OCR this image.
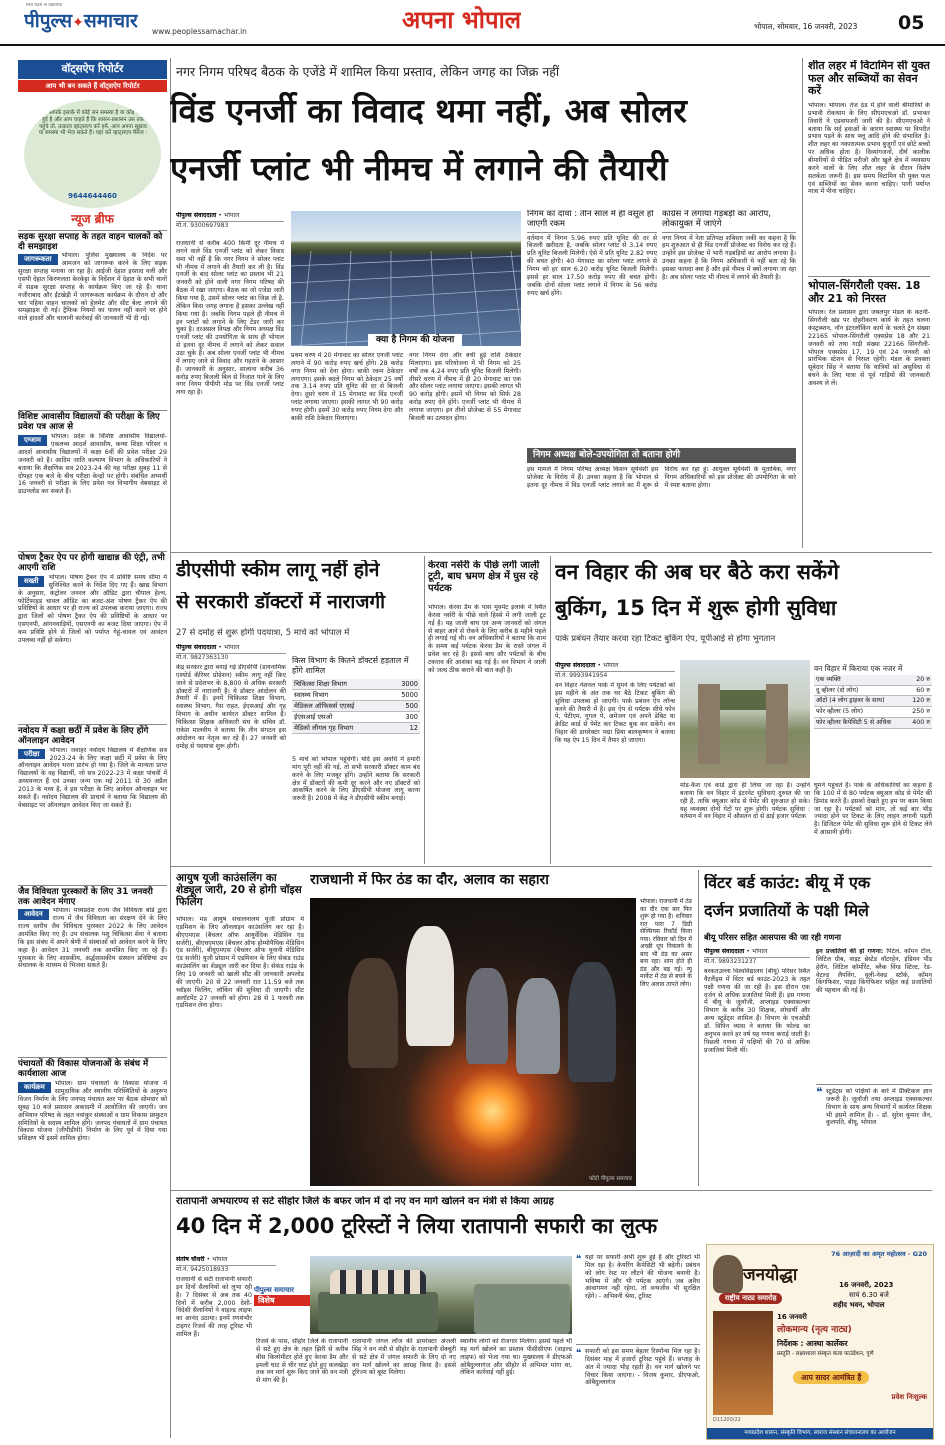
मध्य प्रदेश से प्रकाशित
पीपुल्स✦समाचार www.peoplessamachar.in	अपना भोपाल	भोपाल, सोमवार, 16 जनवरी, 2023 05
वॉट्सऐप रिपोर्टर
आप भी बन सकते हैं वॉट्सऐप रिपोर्टर
यदि आपके इलाके में कोई जन समस्या है या कोई घटना हुई है और आप चाहते हैं कि शासन-प्रशासन उस तक पहुंचे तो, तत्काल व्हाट्सएप करें हमें, आप अपना सुझाव या समस्या भी भेज सकते हैं। यहां करें व्हाट्सएप मैसेज :
9644644460
न्यूज ब्रीफ
सड़क सुरक्षा सप्ताह के तहत वाहन चालकों को दी समझाइश
जागरूकता	भोपाल। पुलिस मुख्यालय के निर्देश पर आमजन को जागरूक करने के लिए सड़क सुरक्षा सप्ताह मनाया जा रहा है। आईजी देहात इरशाद वली और एसपी देहात किरणलता केरकेट्टा के निर्देशन में देहात के सभी थानों में सड़क सुरक्षा सप्ताह के कार्यक्रम किए जा रहे हैं। थाना नजीराबाद और ईंटखेड़ी में जागरूकता कार्यक्रम के दौरान दो और चार पहिया वाहन चालकों को हेलमेट और सीट बेल्ट लगाने की समझाइश दी गई। ट्रैफिक नियमों का पालन नहीं करने पर होने वाले हादसों और चालानी कार्रवाई की जानकारी भी दी गई।
विशिष्ट आवासीय विद्यालयों की परीक्षा के लिए प्रवेश पत्र आज से
एग्जाम	भोपाल। प्रदेश के विशिष्ट आवासीय विद्यालयों-एकलव्य आदर्श आवासीय, कन्या शिक्षा परिसर व आदर्श आवासीय विद्यालयों में कक्षा 6वीं की प्रवेश परीक्षा 29 जनवरी को है। आदिम जाति कल्याण विभाग के अधिकारियों ने बताया कि शैक्षणिक सत्र 2023-24 की यह परीक्षा सुबह 11 से दोपहर एक बजे के बीच परीक्षा केन्द्रों पर होगी। संबंधित अभ्यर्थी 16 जनवरी से परीक्षा के लिए प्रवेश पत्र विभागीय वेबसाइट से डाउनलोड कर सकते हैं।
पोषण ट्रैकर ऐप पर होगी खाद्यान्न की एंट्री, तभी आएगी राशि
सख्ती	भोपाल। पोषण ट्रैकर ऐप में प्रविष्टि समय सीमा में सुनिश्चित करने के निर्देश दिए गए हैं। खाद्य विभाग के अनुसार, कंट्रोलर जनरल और ऑडिट द्वारा चौपाल हेल्थ, फोर्टिफाइड चावल ऑडिट का बजट-अंश पोषण ट्रैकर ऐप की प्रविष्टियों के आधार पर ही राज्य को उपलब्ध कराया जाएगा। राज्य द्वारा जिलों को पोषण ट्रैकर ऐप की प्रविष्टियों के आधार पर एसएनपी, आंगनवाड़ियों, एसएनपी का बजट दिया जाएगा। ऐप में कम प्रविष्टि होने से जिलों को पर्याप्त गेहूं-चावल एवं आवंटन उपलब्ध नहीं हो सकेगा।
नवोदय में कक्षा छठीं में प्रवेश के लिए होंगे ऑनलाइन आवेदन
परीक्षा	भोपाल। जवाहर नवोदय विद्यालय में शैक्षणिक सत्र 2023-24 के लिए कक्षा छठीं में प्रवेश के लिए ऑनलाइन आवेदन भरना प्रारंभ हो गया है। जिले के मान्यता प्राप्त विद्यालयों के वह विद्यार्थी, जो सत्र 2022-23 में कक्षा पांचवीं में अध्ययनरत हैं एवं उनका जन्म एक मई 2011 से 30 अप्रैल 2013 के मध्य है, वे इस परीक्षा के लिए आवेदन ऑनलाइन भर सकते हैं। नवोदय विद्यालय की प्राचार्य ने बताया कि विद्यालय की वेबसाइट पर ऑनलाइन आवेदन किए जा सकते हैं।
जैव विविधता पुरस्कारों के लिए 31 जनवरी तक आवेदन मंगाए
आवेदन	भोपाल। मध्यप्रदेश राज्य जैव विविधता बोर्ड द्वारा राज्य में जैव विविधता का संरक्षण देने के लिए राज्य स्तरीय जैव विविधता पुरस्कार 2022 के लिए आवेदन आमंत्रित किए गए हैं। उप संचालक पशु चिकित्सा सेवा ने बताया कि इस संबंध में अपने श्रेणी में संस्थाओं को आवेदन करने के लिए कहा है। आवेदन 31 जनवरी तक आमंत्रित किए जा रहे हैं। पुरस्कार के लिए शासकीय, अर्द्धशासकीय संस्थान प्रविष्टियां उप संचालक के माध्यम से भिजवा सकते हैं।
पंचायतों की विकास योजनाओं के संबंध में कार्यशाला आज
कार्यक्रम	भोपाल। ग्राम पंचायतों के विकास योजना में सामुदायिक और स्थानीय परिस्थितियों के अनुरूप विजन निर्माण के लिए जनपद पंचायत स्तर पर बैठक सोमवार को सुबह 10 बजे प्रशासन अकादमी में आयोजित की जाएगी। जन अभियान परिषद के तहत नवांकुर संस्थाओं व ग्राम विकास प्रस्फुटन समितियों के सदस्य शामिल होंगे। जनपद पंचायतों में ग्राम पंचायत विकास योजना (जीपीडीपी) निर्माण के लिए पूर्व में दिया गया प्रशिक्षण भी इसमें शामिल होगा।
नगर निगम परिषद बैठक के एजेंडे में शामिल किया प्रस्ताव, लेकिन जगह का जिक्र नहीं
विंड एनर्जी का विवाद थमा नहीं, अब सोलर
एनर्जी प्लांट भी नीमच में लगाने की तैयारी
पीपुल्स संवाददाता • भोपाल
मो.नं. 9300697983
राजधानी से करीब 400 किमी दूर नीमच में लगने वाले विंड एनर्जी प्लांट को लेकर विवाद थमा भी नहीं है कि नगर निगम ने सोलर प्लांट भी नीमच में लगाने की तैयारी कर ली है। विंड एनर्जी के बाद सोलर प्लांट का प्रस्ताव भी 21 जनवरी को होने वाली नगर निगम परिषद की बैठक में रखा जाएगा। बैठक का जो एजेंडा जारी किया गया है, उसमें सोलर प्लांट का जिक्र तो है, लेकिन किस जगह लगाना है इसका उल्लेख नहीं किया गया है। जबकि निगम पहले ही नीमच में इन प्लांटों को लगाने के लिए टेंडर जारी कर चुका है। दरअसल विपक्ष और निगम अध्यक्ष विंड एनर्जी प्लांट की उपयोगिता के साथ ही भोपाल से इतना दूर नीमच में लगाने को लेकर सवाल उठा चुके हैं। अब सोलर एनर्जी प्लांट भी नीमच में लगाए जाने से विवाद और गहराने के आसार हैं। जानकारी के अनुसार, सालाना करीब 36 करोड़ रुपए बिजली बिल से निजात पाने के लिए नगर निगम पीपीपी मोड पर विंड एनर्जी प्लांट लगा रहा है।
क्या है निगम की योजना
प्रथम चरण में 20 मेगावाट का सोलर एनर्जी प्लांट लगाने में 90 करोड़ रुपए खर्च होंगे। 28 करोड़ नगर निगम को देना होगा। बाकी रकम ठेकेदार लगाएगा। इसके बदले निगम को ठेकेदार 25 वर्षों तक 3.14 रुपए प्रति यूनिट की दर से बिजली देगा। दूसरे चरण में 15 मेगावाट का विंड एनर्जी प्लांट लगाया जाएगा। इसकी लागत भी 90 करोड़ रुपए होगी। इसमें 30 करोड़ रुपए निगम देगा और बाकी राशि ठेकेदार मिलाएगा।
नगर निगम देगा और बची हुई राशि ठेकेदार मिलाएगा। इस परियोजना में भी निगम को 25 वर्षों तक 4.24 रुपए प्रति यूनिट बिजली मिलेगी। तीसरे चरण में नीमच में ही 20 मेगावाट का एक और सोलर प्लांट लगाया जाएगा। इसकी लागत भी 90 करोड़ होगी। इसमें भी निगम को सिर्फ 28 करोड़ रुपए देने होंगे। एनर्जी प्लांट भी नीमच में लगाया जाएगा। इन तीनों प्रोजेक्ट से 55 मेगावाट बिजली का उत्पादन होगा।
निगम का दावा : तीन साल में ही वसूल हो जाएगी रकम
वर्तमान में निगम 5.96 रुपए प्रति यूनिट की दर से बिजली खरीदता है, जबकि सोलर प्लांट से 3.14 रुपए प्रति यूनिट बिजली मिलेगी। ऐसे में प्रति यूनिट 2.82 रुपए की बचत होगी। 40 मेगावाट का सोलर प्लांट लगाने से निगम को हर साल 6.20 करोड़ यूनिट बिजली मिलेगी। इससे हर साल 17.50 करोड़ रुपए की बचत होगी। जबकि दोनों सोलर प्लांट लगाने में निगम के 56 करोड़ रुपए खर्च होंगे।
कांग्रेस ने लगाया गड़बड़ी का आरोप, लोकायुक्त में जाएंगे
नगर निगम में नेता प्रतिपक्ष शबिस्ता जकी का कहना है कि हम शुरुआत से ही विंड एनर्जी प्रोजेक्ट का विरोध कर रहे हैं। उन्होंने इस प्रोजेक्ट में भारी गड़बड़ियों का आरोप लगाया है। उनका कहना है कि निगम अधिकारी ये नहीं बता रहे कि इसका फायदा क्या है और इसे नीमच में क्यों लगाया जा रहा है। अब सोलर प्लांट भी नीमच में लगाने की तैयारी है।
निगम अध्यक्ष बोले-उपयोगिता तो बताना होगी
इस मामले में निगम परिषद अध्यक्ष किशन सूर्यवंशी इस प्रोजेक्ट के विरोध में हैं। उनका कहना है कि भोपाल से इतना दूर नीमच में विंड एनर्जी प्लांट लगाने का मैं शुरू से विरोध कर रहा हूं। आयुक्त सूर्यवंशी के मुताबिक, नगर निगम अधिकारियों को इस प्रोजेक्ट की उपयोगिता के बारे में स्पष्ट बताना होगा।
शीत लहर में विटामिन सी युक्त फल और सब्जियों का सेवन करें
भोपाल। भोपाल। तेज ठंड में होने वाली बीमारियों के प्रभावी रोकथाम के लिए सीएमएचओ डॉ. प्रभाकर तिवारी ने एडवायजरी जारी की है। सीएमएचओ ने बताया कि सर्द हवाओं के कारण स्वास्थ्य पर विपरीत प्रभाव पड़ने के साथ फ्लू आदि होने की संभावित है। शीत लहर का नकारात्मक प्रभाव बुजुर्गों एवं छोटे बच्चों पर अधिक होता है। दिव्यांगजनों, दीर्घ कालीक बीमारियों से पीड़ित मरीजों और खुले क्षेत्र में व्यवसाय करने वालों के लिए शीत लहर के दौरान विशेष सतर्कता जरूरी है। इस समय विटामिन सी युक्त फल एवं सब्जियों का सेवन करना चाहिए। पानी पर्याप्त मात्रा में पीना चाहिए।
भोपाल-सिंगरौली एक्स. 18 और 21 को निरस्त
भोपाल। रेल प्रशासन द्वारा जबलपुर मंडल के कटनी-सिंगरौली खंड पर दोहरीकरण कार्य के तहत चलना कंस्ट्रक्शन, नॉन इंटरलॉकिंग कार्य के चलते ट्रेन संख्या 22165 भोपाल-सिंगरौली एक्सप्रेस 18 और 21 जनवरी को तथा गाड़ी संख्या 22166 सिंगरौली-भोपाल एक्सप्रेस 17, 19 एवं 24 जनवरी को प्रारंभिक स्टेशन से निरस्त रहेगी। मंडल के प्रवक्ता सूबेदार सिंह ने बताया कि यात्रियों को असुविधा से बचने के लिए यात्रा से पूर्व गाड़ियों की जानकारी अवश्य ले लें।
डीएसीपी स्कीम लागू नहीं होने
से सरकारी डॉक्टरों में नाराजगी
27 से दमोह से शुरू होगी पदयात्रा, 5 मार्च को भोपाल में
पीपुल्स संवाददाता • भोपाल
मो.नं. 9827363130
केंद्र सरकार द्वारा बनाई गई डीएसीपी (डायनामिक एश्योर्ड कॅरियर प्रोग्रेशन) स्कीम लागू नहीं किए जाने से प्रदेशभर के 8,800 से अधिक सरकारी डॉक्टरों में नाराजगी है। ये डॉक्टर आंदोलन की तैयारी में हैं। इनमें चिकित्सा शिक्षा विभाग, स्वास्थ्य विभाग, गैस राहत, ईएसआई और गृह विभाग के अधीन कार्यरत डॉक्टर शामिल हैं। चिकित्सा शिक्षक अधिकारी संघ के सचिव डॉ. राकेश मालवीय ने बताया कि तीन संगठन इस आंदोलन का नेतृत्व कर रहे हैं। 27 जनवरी को दमोह से पदयात्रा शुरू होगी।
किस विभाग के कितने डॉक्टर्स हड़ताल में होंगे शामिल
चिकित्सा शिक्षा विभाग	3000
स्वास्थ्य विभाग	5000
मेडिकल ऑफिसर्स एएसई	500
ईएसआई एसओ	300
मेडिको लीगल गृह विभाग	12
5 मार्च को भोपाल पहुंचेगी। यदि इस अवधि में हमारी मांग पूरी नहीं की गई, तो सभी सरकारी डॉक्टर काम बंद करने के लिए मजबूर होंगे। उन्होंने बताया कि सरकारी क्षेत्र में डॉक्टरों की कमी दूर करने और नए डॉक्टरों को आकर्षित करने के लिए डीएसीपी योजना लागू करना जरूरी है। 2008 में केंद्र ने डीएसीपी स्कीम बनाई।
केरवा नर्सरी के पीछे लगी जाली टूटी, बाघ भ्रमण क्षेत्र में घुस रहे पर्यटक
भोपाल। केरवा डैम के पास मूवमेंट इलाके में स्थित केरवा नर्सरी के पीछे वाले हिस्से में लगी जाली टूट गई है। यह जाली बाघ एवं अन्य जानवरों को जंगल से बाहर आने से रोकने के लिए करीब 8 महीने पहले ही लगाई गई थी। वन अधिकारियों ने बताया कि शाम के समय कई पर्यटक केरवा डैम के रास्ते जंगल में प्रवेश कर रहे हैं। इससे बाघ और पर्यटकों के बीच टकराव की आशंका बढ़ गई है। वन विभाग ने जाली को जल्द ठीक कराने की बात कही है।
वन विहार की अब घर बैठे करा सकेंगे
बुकिंग, 15 दिन में शुरू होगी सुविधा
पार्क प्रबंधन तैयार करवा रहा टिकट बुकिंग ऐप, यूपीआई से होगा भुगतान
पीपुल्स संवाददाता • भोपाल
मो.नं. 9993941954
वन विहार में किराया एक नजर में
एक व्यक्ति	20 रु
दू व्हीलर (दो लोग)	60 रु
ऑटो (4 लोग ड्राइवर के साथ)	120 रु
फोर व्हीलर (5 लोग)	250 रु
फोर व्हीलर कैपेसिटी 5 से अधिक	400 रु
वन विहार नेशनल पार्क में घूमने के लिए पर्यटकों को इस महीने के अंत तक घर बैठे टिकट बुकिंग की सुविधा उपलब्ध हो जाएगी। पार्क प्रबंधन ऐप लॉन्च करने की तैयारी में है। इस ऐप से पर्यटक सीधे फोन पे, पेटीएम, गूगल पे, अमेजन एवं अपने डेबिट या क्रेडिट कार्ड से पेमेंट कर टिकट बुक कर सकेंगे। वन विहार की डायरेक्टर पद्मा प्रिया बालकृष्णन ने बताया कि यह ऐप 15 दिन में तैयार हो जाएगा।
मोड-कैश एवं कार्ड द्वारा ही लिया जा रहा है। उन्होंने बताया कि वन विहार में इंटरनेट सुविधाएं दुरुस्त की जा रही हैं, ताकि क्यूआर कोड से पेमेंट की शुरुआत हो सके। यह व्यवस्था दोनों गेटों पर शुरू होगी। पर्यटक सुविधा : वर्तमान में वन विहार में औसतन दो से ढाई हजार पर्यटक
घूमने पहुंचते हैं। पार्क के अधिकारियों का कहना है कि 100 में से 80 पर्यटक क्यूआर कोड से पेमेंट की डिमांड करते हैं। इसको देखते हुए हम पर काम किया जा रहा है। पर्यटकों को मांग, तो कई बार भीड़ ज्यादा होने पर टिकट के लिए लाइन लगानी पड़ती है। डिजिटल पेमेंट की सुविधा शुरू होने से टिकट लेने में आसानी होगी।
आयुष यूजी काउंसलिंग का शेड्यूल जारी, 20 से होगी चॉइस फिलिंग
भोपाल। मप्र आयुष संचालनालय यूजी प्रोग्राम में एडमिशन के लिए ऑनलाइन काउंसलिंग कर रहा है। बीएएमएस (बैचलर ऑफ आयुर्वेदिक मेडिसिन एंड सर्जरी), बीएचएमएस (बैचलर ऑफ होम्योपैथिक मेडिसिन एंड सर्जरी), बीयूएमएस (बैचलर ऑफ यूनानी मेडिसिन एंड सर्जरी) यूजी प्रोग्राम में एडमिशन के लिए सेकंड राउंड काउंसलिंग का शेड्यूल जारी कर दिया है। सेकंड राउंड के लिए 19 जनवरी को खाली सीट की जानकारी अपलोड की जाएगी। 20 से 22 जनवरी रात 11.59 बजे तक च्वॉइस फिलिंग, लॉकिंग की सुविधा दी जाएगी। सीट अलॉटमेंट 27 जनवरी को होगा। 28 से 1 फरवरी तक एडमिशन लेना होगा।
राजधानी में फिर ठंड का दौर, अलाव का सहारा
फोटो पीपुल्स समाचार
भोपाल। राजधानी में ठंड का दौर एक बार फिर शुरू हो गया है। शनिवार रात पारा 7 डिग्री सेल्सियस रिकॉर्ड किया गया। रविवार को दिन में अच्छी धूप निकलने के बाद भी ठंड का असर बना रहा। शाम होते ही ठंड और बढ़ गई। न्यू मार्केट में ठंड से बचने के लिए अलाव तापते लोग।
विंटर बर्ड काउंट: बीयू में एक
दर्जन प्रजातियों के पक्षी मिले
बीयू परिसर सहित आसपास की जा रही गणना
पीपुल्स संवाददाता • भोपाल
मो.नं. 9893231237
बरकतउल्ला विश्वविद्यालय (बीयू) परिसर स्थित वैटलैंड्स में विंटर बर्ड काउंट-2023 के तहत पक्षी गणना की जा रही है। इस दौरान एक दर्जन से अधिक प्रजातियां मिली हैं। इस गणना में बीयू के जूलॉजी, अप्लाइड एक्वाकल्चर विभाग के करीब 30 शिक्षक, शोधार्थी और अन्य स्टूडेंट्स शामिल हैं। विभाग के एचओडी डॉ. विपिन व्यास ने बताया कि फोल्ड का अनुभव करने हर वर्ष यह गणना कराई जाती है। पिछली गणना में पक्षियों की 70 से अधिक प्रजातियां मिली थीं।
इन प्रजातियों की हो गणना: पिंटेल, कॉमन टील, लिटिल ग्रीब, वाइट ब्रेस्टेड वॉटरहेन, इंडियन पौंड हेरॉन, लिटिल कॉर्मोरेंट, ब्लैक विंग्ड स्टिल्ट, रेड-वेटल्ड लैपविंग, वूली-नेक्ड स्टॉर्क, कॉमन किंगफिशर, पाइड किंगफिशर सहित कई प्रजातियों की पहचान की गई है।
❝ स्टूडेंट्स को पक्षियों के बारे में प्रैक्टिकल ज्ञान जरूरी है। जूलॉजी तथा अप्लाइड एक्वाकल्चर विभाग के साथ अन्य विभागों में कार्यरत शिक्षक भी इसमें शामिल हैं। - डॉ. सुरेश कुमार जैन, कुलपति, बीयू, भोपाल
रातापानी अभयारण्य से सटे सीहोर जिले के बफर जोन में दो नए वन मार्ग खोलने वन मंत्री से किया आग्रह
40 दिन में 2,000 टूरिस्टों ने लिया रातापानी सफारी का लुत्फ
संतोष चौधरी • भोपाल
मो.नं. 9425018933
पीपुल्स समाचार
विशेष
राजधानी से सटी रातापानी सफारी इन दिनों सैलानियों को लुभा रही है। 7 दिसंबर से अब तक 40 दिनों में करीब 2,000 देशी-विदेशी सैलानियों ने वाइल्ड लाइफ का आनंद उठाया। इनमें रणथंभौर टाइगर रिजर्व की तरह टूरिस्ट भी शामिल हैं।
रिजर्व के पास, सीहोर जिले के रातापानी से सटे हुए क्षेत्र के तहत झिरी से करीब बीस किलोमीटर होते हुए केरवा डैम और इमली घाट से चीर घाट होते हुए कलखेड़ा तक वन मार्ग शुरू किए जाने की वन मंत्री से मांग की है।
रातापानी जंगल लॉज की डायरेक्टर अंजली सिंह ने वन मंत्री से सीहोर के रातापानी सेंक्चुरी से सटे क्षेत्र में जंगल सफारी के लिए दो नए वन मार्ग खोलने का आग्रह किया है। इससे टूरिज्म को बूस्ट मिलेगा।
स्थानीय लोगों को रोजगार मिलेगा। इससे पहले भी यह मार्ग खोलने का प्रस्ताव पीसीसीएफ (वाइल्ड लाइफ) को भेजा गया था। मुख्यालय ने डीएफओ ओबैदुल्लागंज और सीहोर से अभिमत मांगा था, लेकिन कार्रवाई नहीं हुई।
❝ यहां पर सफारी अभी शुरू हुई है और टूरिस्टों भी मिल रहा है। केयरिंग कैपेसिटी भी बढ़ेगी। प्रबंधन को लोग रेस्ट पर लौटने की योजना बनानी है। भविष्य में और भी पर्यटक आएंगे। जब अवैध आवागमन नहीं रहेगा, तो वन्यजीव भी सुरक्षित रहेंगे। - अभिवनी श्रेया, टूरिस्ट
❝ सफारी को इस समय बेहतर रिस्पॉन्स मिल रहा है। दिसंबर माह में हजारों टूरिस्ट पहुंचे हैं। सप्ताह के अंत में ज्यादा भीड़ रहती है। वन मार्ग खोलने पर विचार किया जाएगा। - विजय कुमार, डीएफओ, ओबैदुल्लागंज
76 आज़ादी का अमृत महोत्सव · G20
जनयोद्धा
राष्ट्रीय नाट्य समारोह
16 जनवरी, 2023
सायं 6.30 बजे
शहीद भवन, भोपाल
16 जनवरी
लोकमान्य (नृत्य नाट्य)
निर्देशक : आस्था कार्लेकर
प्रस्तुति - लक्ष्यशाला संस्कृत कला फाउंडेशन, पुणे
आप सादर आमंत्रित हैं
प्रवेश निःशुल्क
D11200/22
मध्यप्रदेश शासन, संस्कृति विभाग, स्वराज संस्थान संचालनालय का आयोजन
